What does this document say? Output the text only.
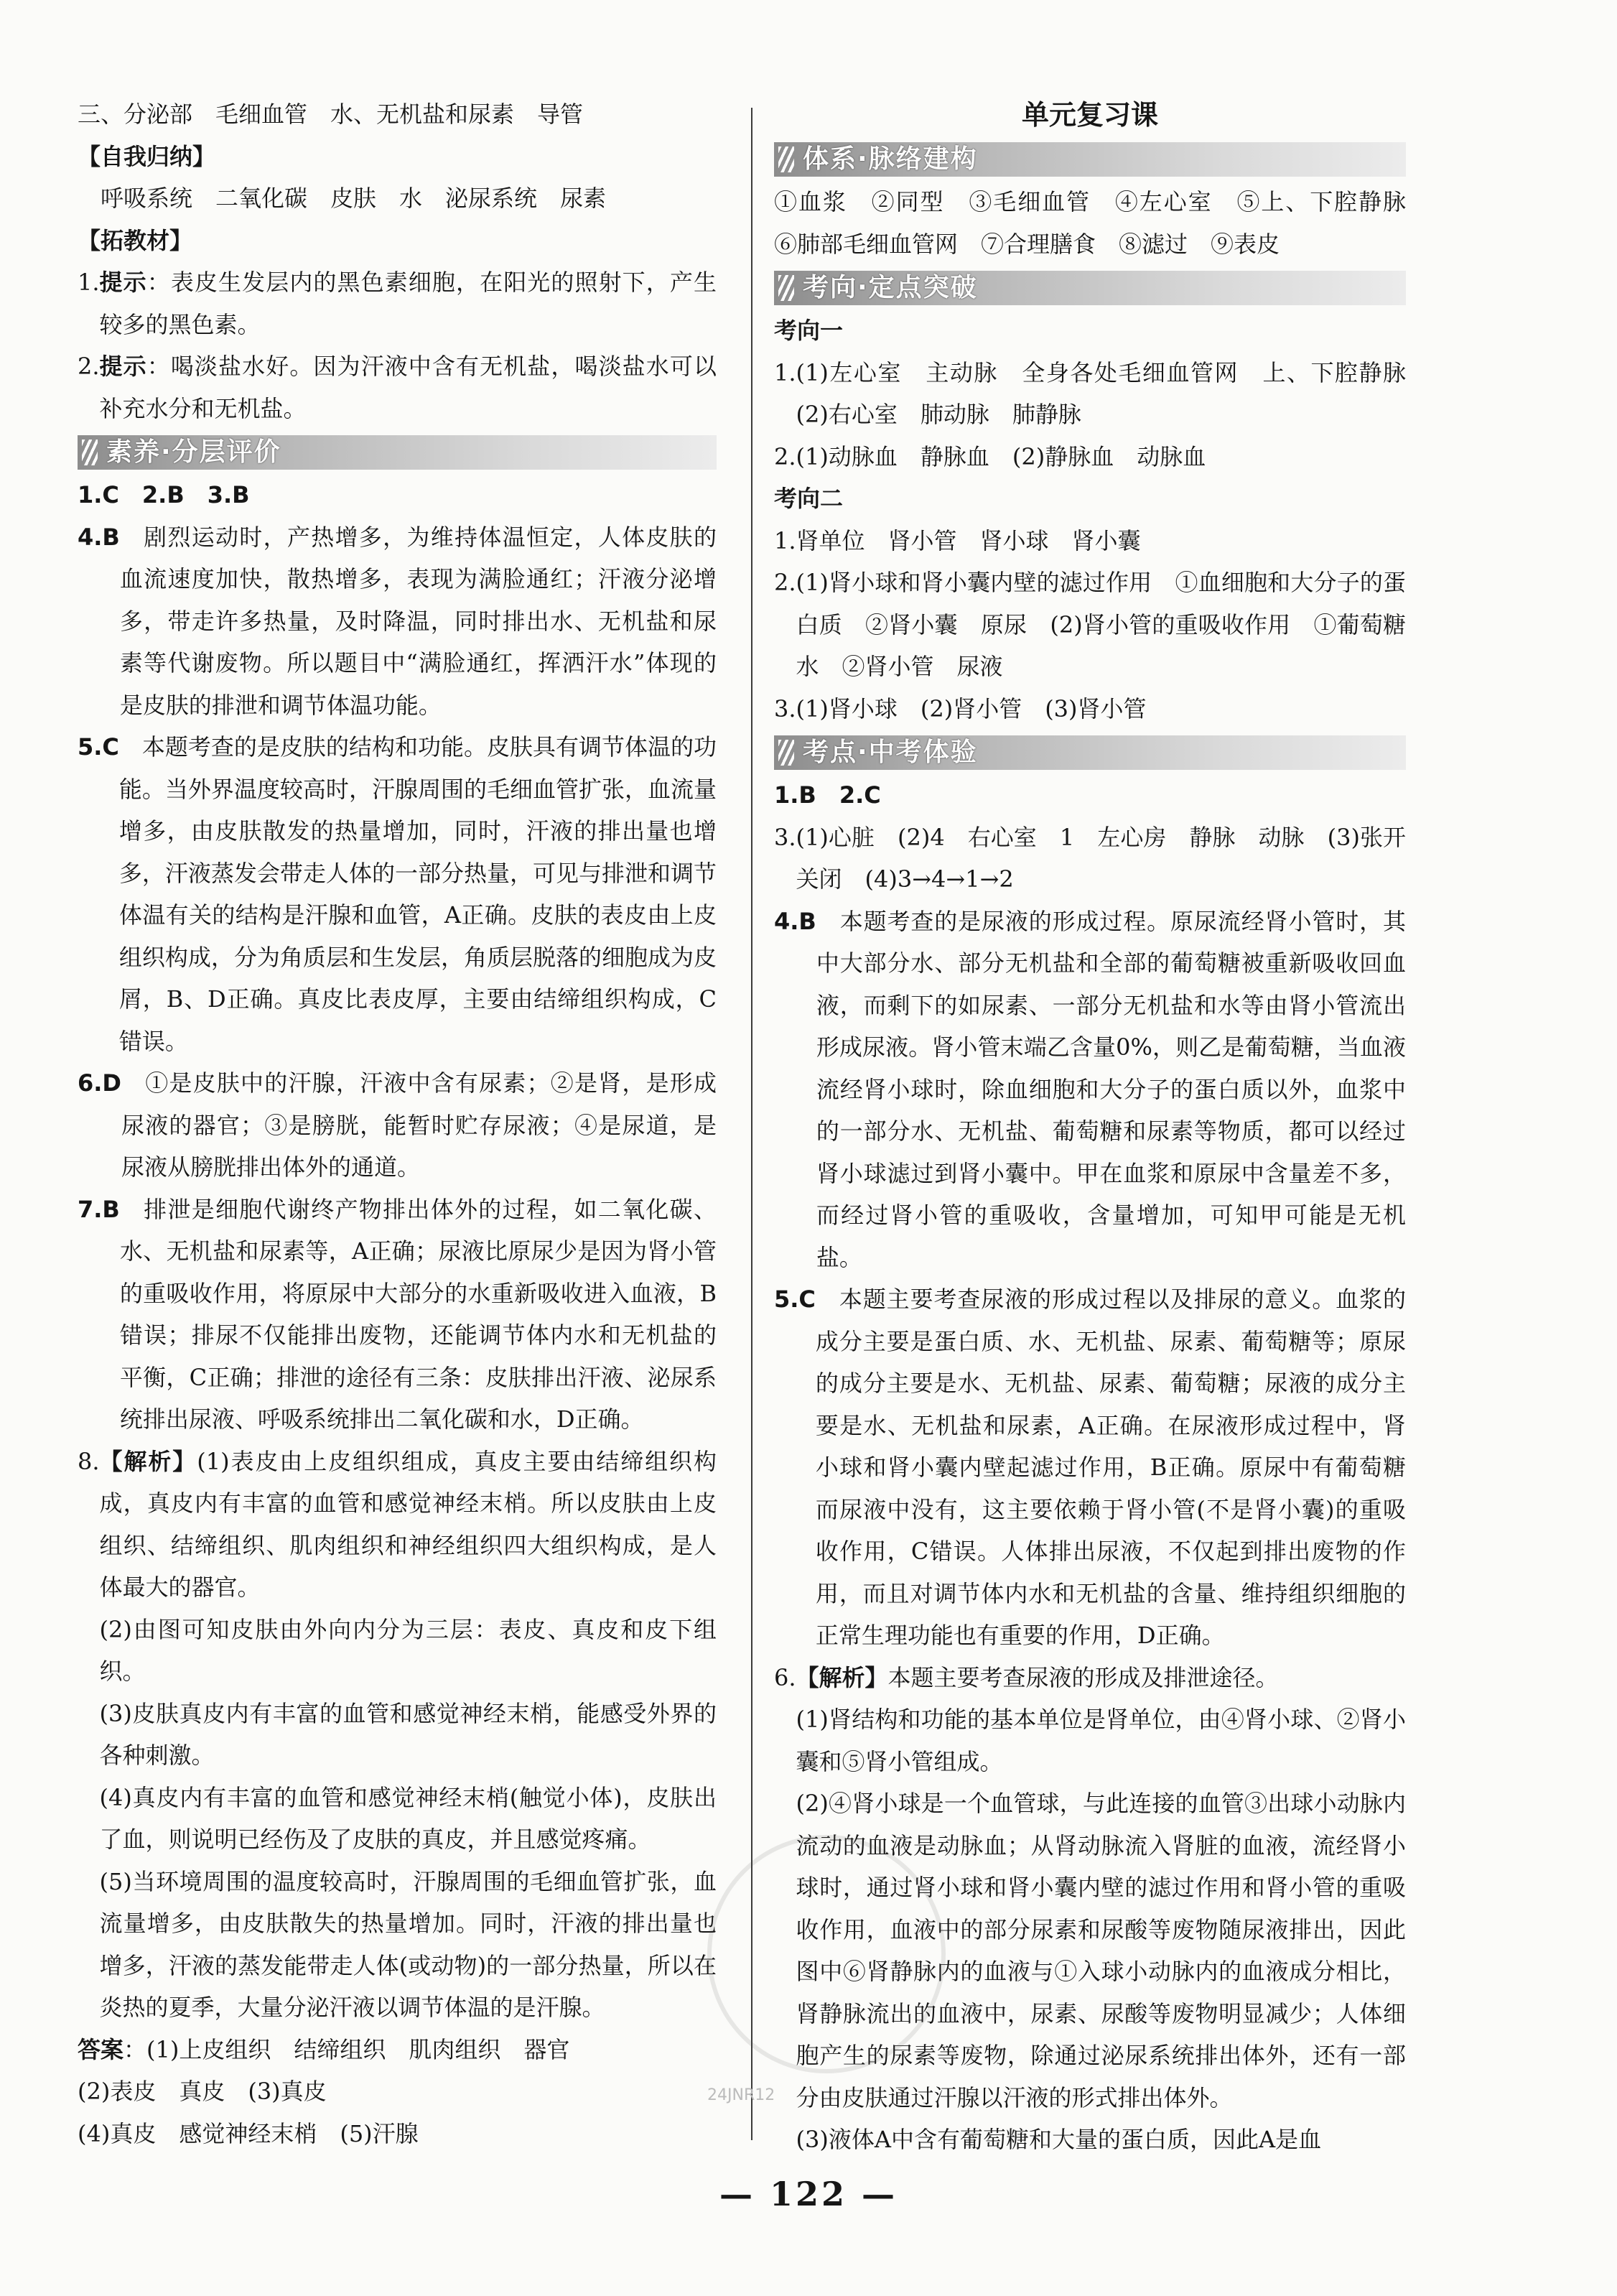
三、分泌部　毛细血管　水、无机盐和尿素　导管

【自我归纳】

　呼吸系统　二氧化碳　皮肤　水　泌尿系统　尿素

【拓教材】

1. 提示：表皮生发层内的黑色素细胞，在阳光的照射下，产生较多的黑色素。
2. 提示：喝淡盐水好。因为汗液中含有无机盐，喝淡盐水可以补充水分和无机盐。
素养·分层评价

1.C　2.B　3.B

4.B 　剧烈运动时，产热增多，为维持体温恒定，人体皮肤的血流速度加快，散热增多，表现为满脸通红；汗液分泌增多，带走许多热量，及时降温，同时排出水、无机盐和尿素等代谢废物。所以题目中“满脸通红，挥洒汗水”体现的是皮肤的排泄和调节体温功能。
5.C 　本题考查的是皮肤的结构和功能。皮肤具有调节体温的功能。当外界温度较高时，汗腺周围的毛细血管扩张，血流量增多，由皮肤散发的热量增加，同时，汗液的排出量也增多，汗液蒸发会带走人体的一部分热量，可见与排泄和调节体温有关的结构是汗腺和血管，A正确。皮肤的表皮由上皮组织构成，分为角质层和生发层，角质层脱落的细胞成为皮屑，B、D正确。真皮比表皮厚，主要由结缔组织构成，C错误。
6.D 　①是皮肤中的汗腺，汗液中含有尿素；②是肾，是形成尿液的器官；③是膀胱，能暂时贮存尿液；④是尿道，是尿液从膀胱排出体外的通道。
7.B 　排泄是细胞代谢终产物排出体外的过程，如二氧化碳、水、无机盐和尿素等，A正确；尿液比原尿少是因为肾小管的重吸收作用，将原尿中大部分的水重新吸收进入血液，B错误；排尿不仅能排出废物，还能调节体内水和无机盐的平衡，C正确；排泄的途径有三条：皮肤排出汗液、泌尿系统排出尿液、呼吸系统排出二氧化碳和水，D正确。
8. 【解析】(1)表皮由上皮组织组成，真皮主要由结缔组织构成，真皮内有丰富的血管和感觉神经末梢。所以皮肤由上皮组织、结缔组织、肌肉组织和神经组织四大组织构成，是人体最大的器官。
(2)由图可知皮肤由外向内分为三层：表皮、真皮和皮下组织。
(3)皮肤真皮内有丰富的血管和感觉神经末梢，能感受外界的各种刺激。
(4)真皮内有丰富的血管和感觉神经末梢(触觉小体)，皮肤出了血，则说明已经伤及了皮肤的真皮，并且感觉疼痛。
(5)当环境周围的温度较高时，汗腺周围的毛细血管扩张，血流量增多，由皮肤散失的热量增加。同时，汗液的排出量也增多，汗液的蒸发能带走人体(或动物)的一部分热量，所以在炎热的夏季，大量分泌汗液以调节体温的是汗腺。

答案：(1)上皮组织　结缔组织　肌肉组织　器官

(2)表皮　真皮　(3)真皮

(4)真皮　感觉神经末梢　(5)汗腺

单元复习课
体系·脉络建构

①血浆　②同型　③毛细血管　④左心室　⑤上、下腔静脉　⑥肺部毛细血管网　⑦合理膳食　⑧滤过　⑨表皮

考向·定点突破

考向一

1. (1)左心室　主动脉　全身各处毛细血管网　上、下腔静脉　(2)右心室　肺动脉　肺静脉
2. (1)动脉血　静脉血　(2)静脉血　动脉血

考向二

1. 肾单位　肾小管　肾小球　肾小囊
2. (1)肾小球和肾小囊内壁的滤过作用　①血细胞和大分子的蛋白质　②肾小囊　原尿　(2)肾小管的重吸收作用　①葡萄糖　水　②肾小管　尿液
3. (1)肾小球　(2)肾小管　(3)肾小管
考点·中考体验

1.B　2.C

3. (1)心脏　(2)4　右心室　1　左心房　静脉　动脉　(3)张开　关闭　(4)3→4→1→2
4.B 　本题考查的是尿液的形成过程。原尿流经肾小管时，其中大部分水、部分无机盐和全部的葡萄糖被重新吸收回血液，而剩下的如尿素、一部分无机盐和水等由肾小管流出形成尿液。肾小管末端乙含量0%，则乙是葡萄糖，当血液流经肾小球时，除血细胞和大分子的蛋白质以外，血浆中的一部分水、无机盐、葡萄糖和尿素等物质，都可以经过肾小球滤过到肾小囊中。甲在血浆和原尿中含量差不多，而经过肾小管的重吸收，含量增加，可知甲可能是无机盐。
5.C 　本题主要考查尿液的形成过程以及排尿的意义。血浆的成分主要是蛋白质、水、无机盐、尿素、葡萄糖等；原尿的成分主要是水、无机盐、尿素、葡萄糖；尿液的成分主要是水、无机盐和尿素，A正确。在尿液形成过程中，肾小球和肾小囊内壁起滤过作用，B正确。原尿中有葡萄糖而尿液中没有，这主要依赖于肾小管(不是肾小囊)的重吸收作用，C错误。人体排出尿液，不仅起到排出废物的作用，而且对调节体内水和无机盐的含量、维持组织细胞的正常生理功能也有重要的作用，D正确。
6. 【解析】本题主要考查尿液的形成及排泄途径。
(1)肾结构和功能的基本单位是肾单位，由④肾小球、②肾小囊和⑤肾小管组成。
(2)④肾小球是一个血管球，与此连接的血管③出球小动脉内流动的血液是动脉血；从肾动脉流入肾脏的血液，流经肾小球时，通过肾小球和肾小囊内壁的滤过作用和肾小管的重吸收作用，血液中的部分尿素和尿酸等废物随尿液排出，因此图中⑥肾静脉内的血液与①入球小动脉内的血液成分相比，肾静脉流出的血液中，尿素、尿酸等废物明显减少；人体细胞产生的尿素等废物，除通过泌尿系统排出体外，还有一部分由皮肤通过汗腺以汗液的形式排出体外。
(3)液体A中含有葡萄糖和大量的蛋白质，因此A是血
24JNR12
— 122 —
